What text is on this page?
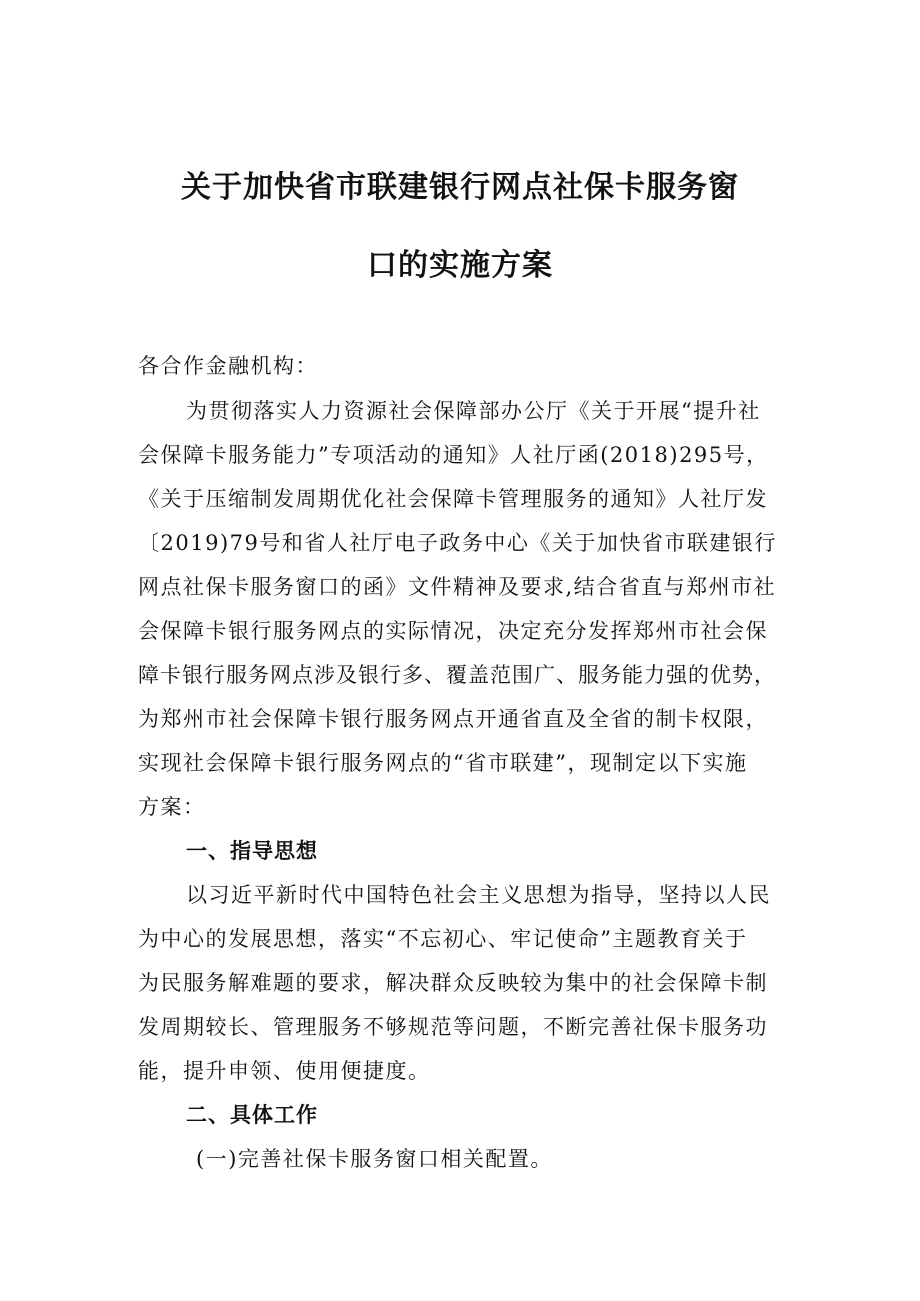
关于加快省市联建银行网点社保卡服务窗
口的实施方案
各合作金融机构：
为贯彻落实人力资源社会保障部办公厅《关于开展“提升社
会保障卡服务能力”专项活动的通知》人社厅函(2018)295号，
《关于压缩制发周期优化社会保障卡管理服务的通知》人社厅发
〔2019)79号和省人社厅电子政务中心《关于加快省市联建银行
网点社保卡服务窗口的函》文件精神及要求,结合省直与郑州市社
会保障卡银行服务网点的实际情况，决定充分发挥郑州市社会保
障卡银行服务网点涉及银行多、覆盖范围广、服务能力强的优势，
为郑州市社会保障卡银行服务网点开通省直及全省的制卡权限，
实现社会保障卡银行服务网点的“省市联建”，现制定以下实施
方案：
一、指导思想
以习近平新时代中国特色社会主义思想为指导，坚持以人民
为中心的发展思想，落实“不忘初心、牢记使命”主题教育关于
为民服务解难题的要求，解决群众反映较为集中的社会保障卡制
发周期较长、管理服务不够规范等问题，不断完善社保卡服务功
能，提升申领、使用便捷度。
二、具体工作
(一)完善社保卡服务窗口相关配置。
